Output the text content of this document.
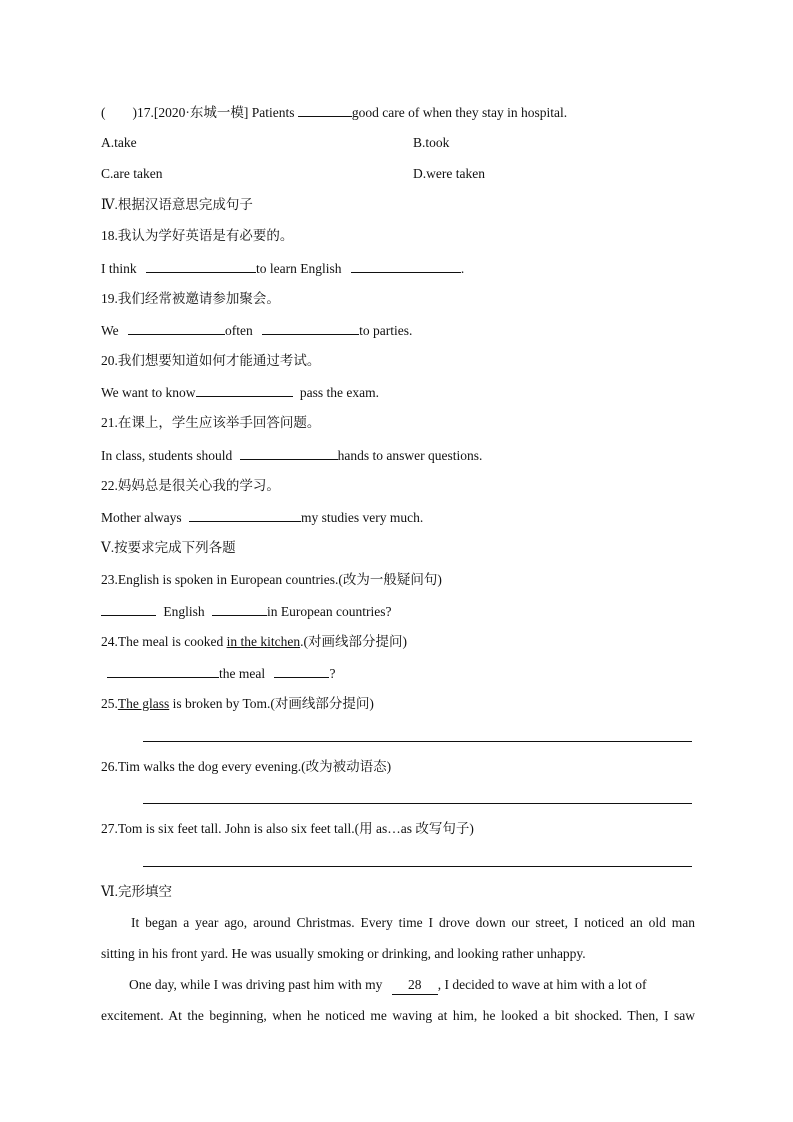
(　　)17.[2020·东城一模] Patients	good care of when they stay in hospital.
A.take	B.took
C.are taken	D.were taken
Ⅳ.根据汉语意思完成句子
18.我认为学好英语是有必要的。
I think	to learn English	.
19.我们经常被邀请参加聚会。
We	often	to parties.
20.我们想要知道如何才能通过考试。
We want to know	pass the exam.
21.在课上，学生应该举手回答问题。
In class, students should	hands to answer questions.
22.妈妈总是很关心我的学习。
Mother always	my studies very much.
Ⅴ.按要求完成下列各题
23.English is spoken in European countries.(改为一般疑问句)
English	in European countries?
24.The meal is cooked in the kitchen.(对画线部分提问)
the meal	?
25.The glass is broken by Tom.(对画线部分提问)
26.Tim walks the dog every evening.(改为被动语态)
27.Tom is six feet tall. John is also six feet tall.(用 as…as 改写句子)
Ⅵ.完形填空
It began a year ago, around Christmas. Every time I drove down our street, I noticed an old man
sitting in his front yard. He was usually smoking or drinking, and looking rather unhappy.
One day, while I was driving past him with my 28 , I decided to wave at him with a lot of
excitement. At the beginning, when he noticed me waving at him, he looked a bit shocked. Then, I saw
